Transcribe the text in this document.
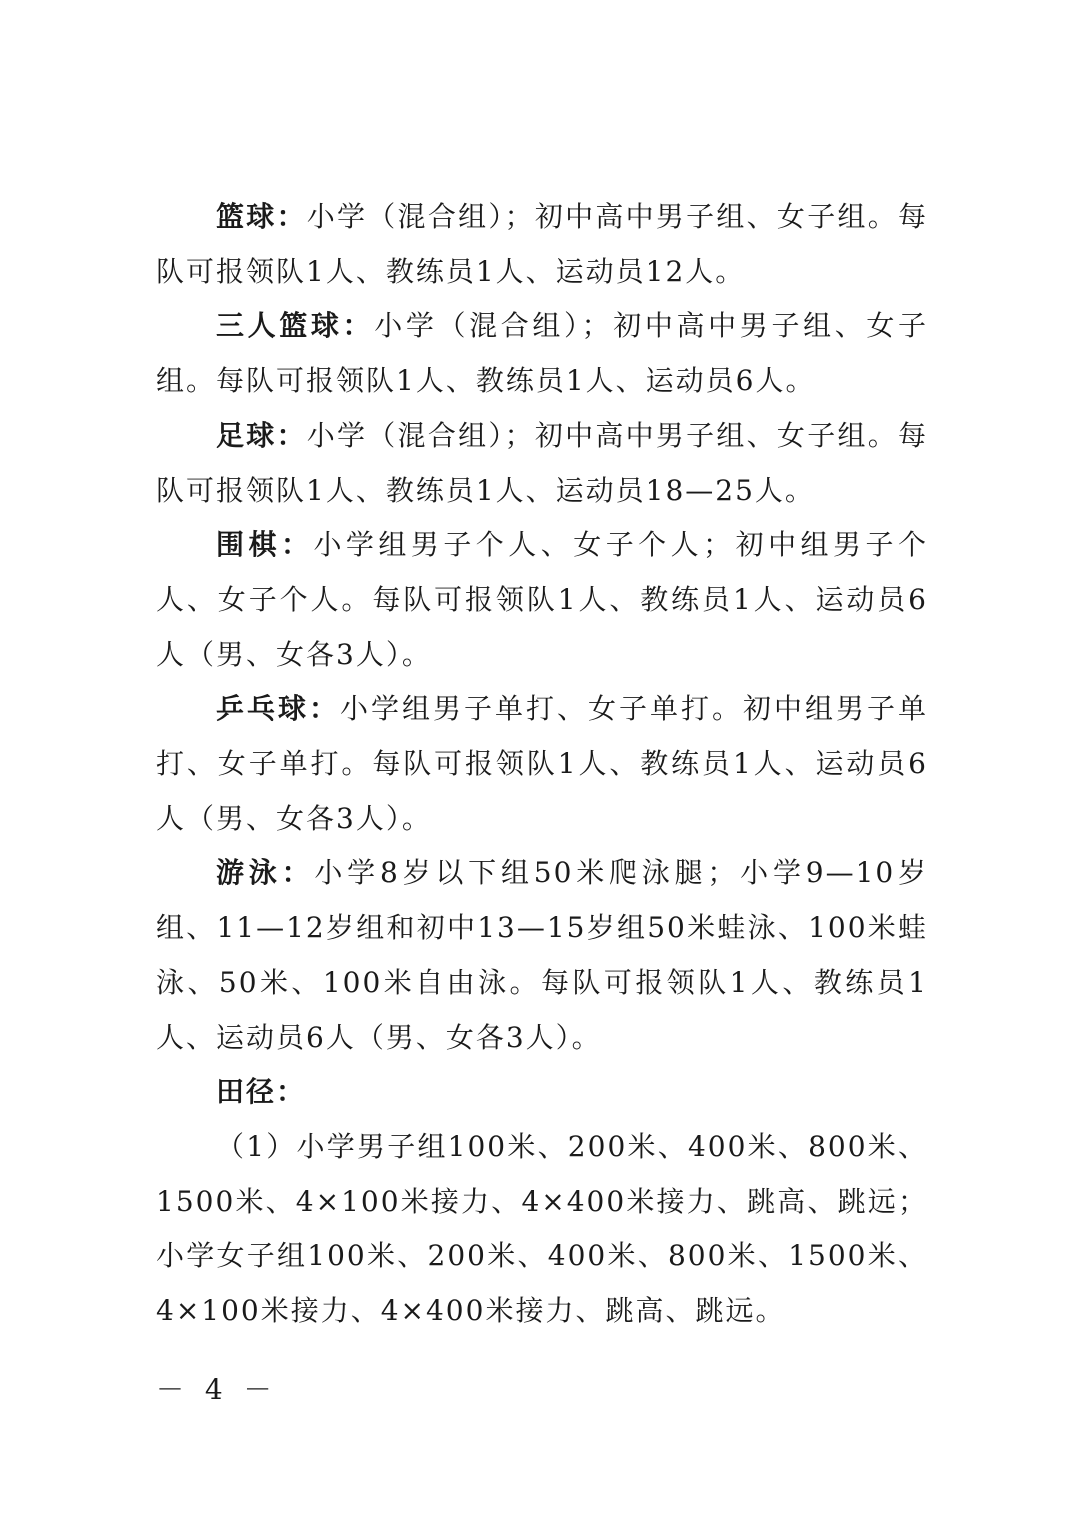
篮球：小学（混合组）；初中高中男子组、女子组。每队可报领队1人、教练员1人、运动员12人。

三人篮球：小学（混合组）；初中高中男子组、女子组。每队可报领队1人、教练员1人、运动员6人。

足球：小学（混合组）；初中高中男子组、女子组。每队可报领队1人、教练员1人、运动员18—25人。

围棋：小学组男子个人、女子个人；初中组男子个人、女子个人。每队可报领队1人、教练员1人、运动员6人（男、女各3人）。

乒乓球：小学组男子单打、女子单打。初中组男子单打、女子单打。每队可报领队1人、教练员1人、运动员6人（男、女各3人）。

游泳：小学8岁以下组50米爬泳腿；小学9—10岁组、11—12岁组和初中13—15岁组50米蛙泳、100米蛙泳、50米、100米自由泳。每队可报领队1人、教练员1人、运动员6人（男、女各3人）。

田径：

（1）小学男子组100米、200米、400米、800米、1500米、4×100米接力、4×400米接力、跳高、跳远；小学女子组100米、200米、400米、800米、1500米、4×100米接力、4×400米接力、跳高、跳远。

－ 4 －
